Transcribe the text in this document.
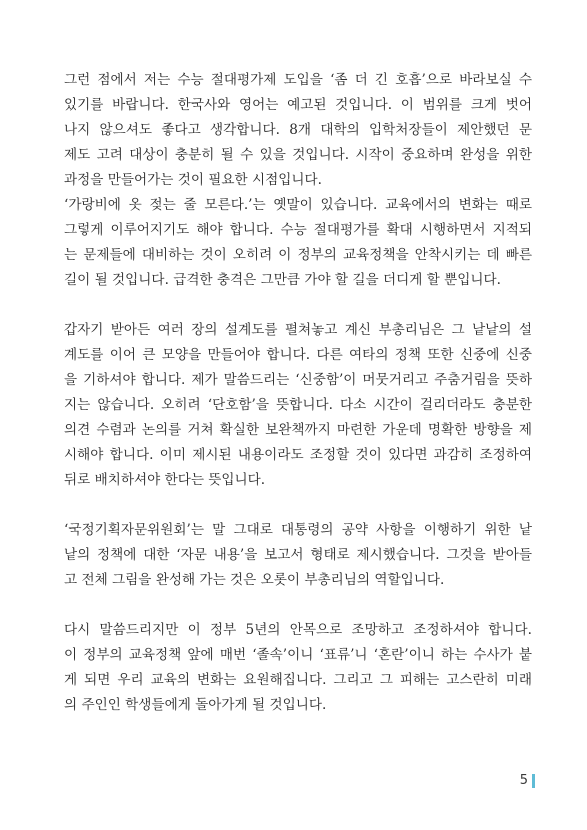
그런 점에서 저는 수능 절대평가제 도입을 ‘좀 더 긴 호흡’으로 바라보실 수
있기를 바랍니다. 한국사와 영어는 예고된 것입니다. 이 범위를 크게 벗어
나지 않으셔도 좋다고 생각합니다. 8개 대학의 입학처장들이 제안했던 문
제도 고려 대상이 충분히 될 수 있을 것입니다. 시작이 중요하며 완성을 위한
과정을 만들어가는 것이 필요한 시점입니다.
‘가랑비에 옷 젖는 줄 모른다.’는 옛말이 있습니다. 교육에서의 변화는 때로
그렇게 이루어지기도 해야 합니다. 수능 절대평가를 확대 시행하면서 지적되
는 문제들에 대비하는 것이 오히려 이 정부의 교육정책을 안착시키는 데 빠른
길이 될 것입니다. 급격한 충격은 그만큼 가야 할 길을 더디게 할 뿐입니다.
갑자기 받아든 여러 장의 설계도를 펼쳐놓고 계신 부총리님은 그 낱낱의 설
계도를 이어 큰 모양을 만들어야 합니다. 다른 여타의 정책 또한 신중에 신중
을 기하셔야 합니다. 제가 말씀드리는 ‘신중함’이 머뭇거리고 주춤거림을 뜻하
지는 않습니다. 오히려 ‘단호함’을 뜻합니다. 다소 시간이 걸리더라도 충분한
의견 수렴과 논의를 거쳐 확실한 보완책까지 마련한 가운데 명확한 방향을 제
시해야 합니다. 이미 제시된 내용이라도 조정할 것이 있다면 과감히 조정하여
뒤로 배치하셔야 한다는 뜻입니다.
‘국정기획자문위원회’는 말 그대로 대통령의 공약 사항을 이행하기 위한 낱
낱의 정책에 대한 ‘자문 내용’을 보고서 형태로 제시했습니다. 그것을 받아들
고 전체 그림을 완성해 가는 것은 오롯이 부총리님의 역할입니다.
다시 말씀드리지만 이 정부 5년의 안목으로 조망하고 조정하셔야 합니다.
이 정부의 교육정책 앞에 매번 ‘졸속’이니 ‘표류’니 ‘혼란’이니 하는 수사가 붙
게 되면 우리 교육의 변화는 요원해집니다. 그리고 그 피해는 고스란히 미래
의 주인인 학생들에게 돌아가게 될 것입니다.
5
